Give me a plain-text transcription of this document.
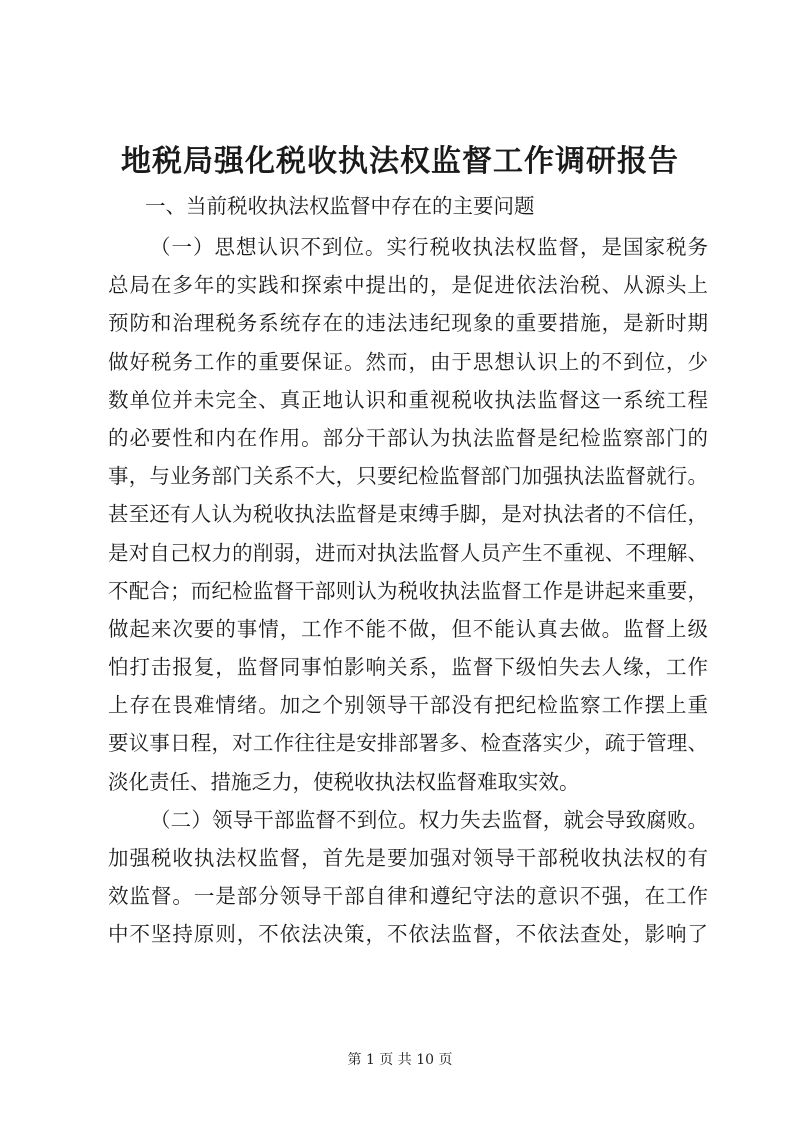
地税局强化税收执法权监督工作调研报告

一、当前税收执法权监督中存在的主要问题

（一）思想认识不到位。实行税收执法权监督，是国家税务
总局在多年的实践和探索中提出的，是促进依法治税、从源头上
预防和治理税务系统存在的违法违纪现象的重要措施，是新时期
做好税务工作的重要保证。然而，由于思想认识上的不到位，少
数单位并未完全、真正地认识和重视税收执法监督这一系统工程
的必要性和内在作用。部分干部认为执法监督是纪检监察部门的
事，与业务部门关系不大，只要纪检监督部门加强执法监督就行。
甚至还有人认为税收执法监督是束缚手脚，是对执法者的不信任，
是对自己权力的削弱，进而对执法监督人员产生不重视、不理解、
不配合；而纪检监督干部则认为税收执法监督工作是讲起来重要，
做起来次要的事情，工作不能不做，但不能认真去做。监督上级
怕打击报复，监督同事怕影响关系，监督下级怕失去人缘，工作
上存在畏难情绪。加之个别领导干部没有把纪检监察工作摆上重
要议事日程，对工作往往是安排部署多、检查落实少，疏于管理、
淡化责任、措施乏力，使税收执法权监督难取实效。
（二）领导干部监督不到位。权力失去监督，就会导致腐败。
加强税收执法权监督，首先是要加强对领导干部税收执法权的有
效监督。一是部分领导干部自律和遵纪守法的意识不强，在工作
中不坚持原则，不依法决策，不依法监督，不依法查处，影响了

第 1 页 共 10 页
